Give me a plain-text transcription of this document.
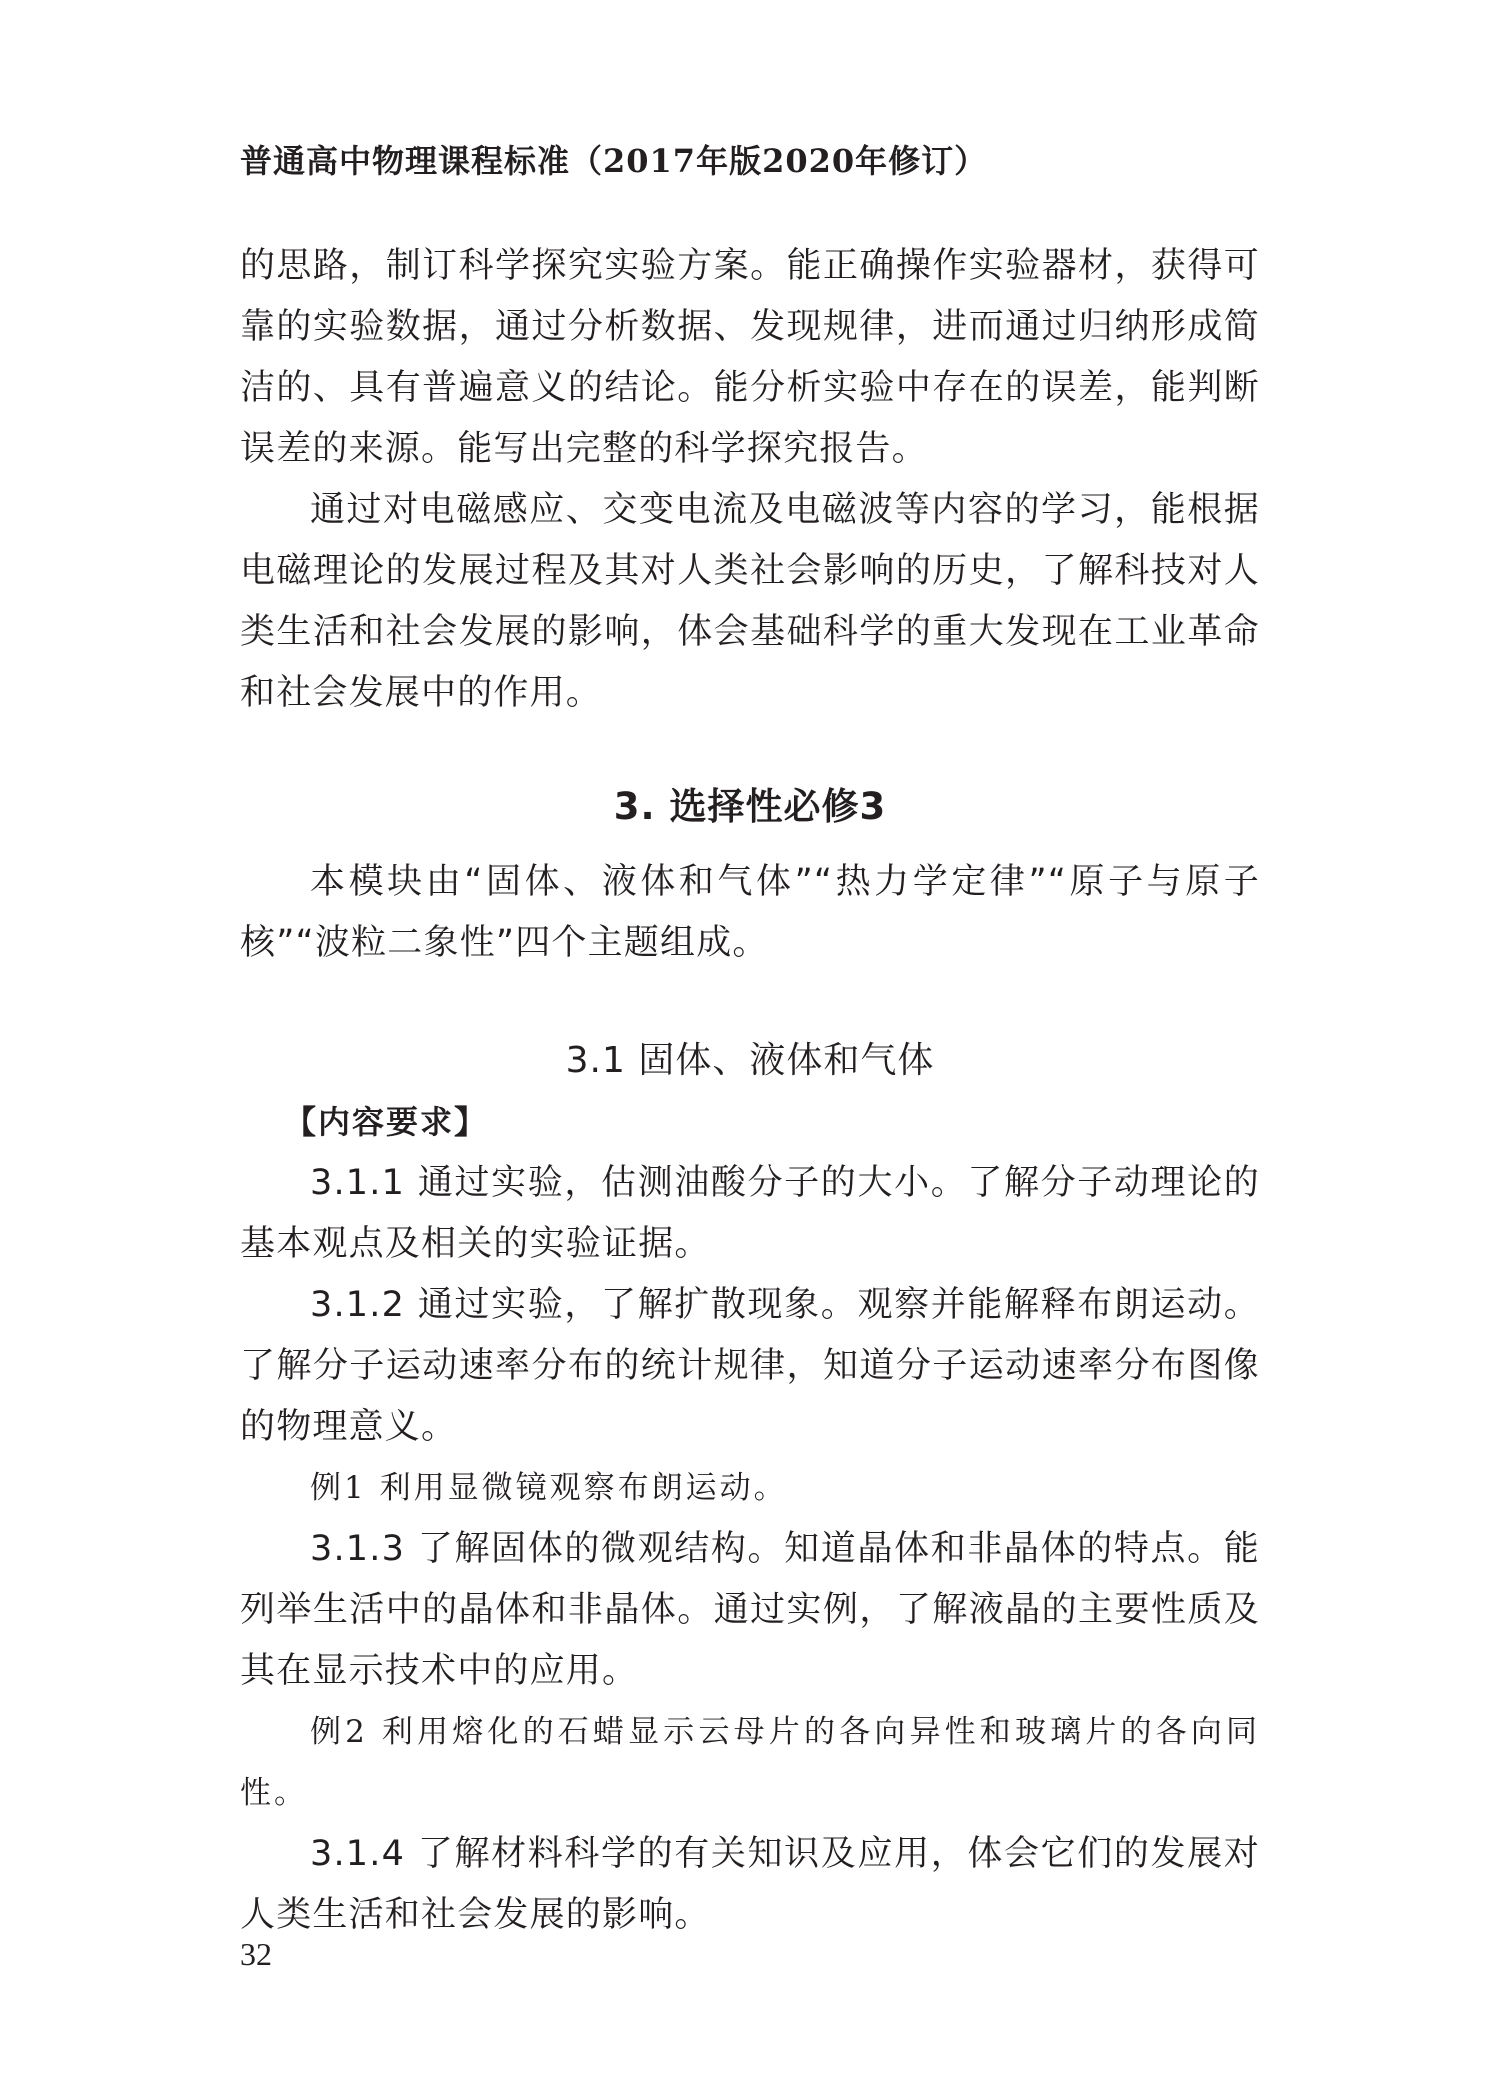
普通高中物理课程标准（2017年版2020年修订）

的思路，制订科学探究实验方案。能正确操作实验器材，获得可靠的实验数据，通过分析数据、发现规律，进而通过归纳形成简洁的、具有普遍意义的结论。能分析实验中存在的误差，能判断误差的来源。能写出完整的科学探究报告。

通过对电磁感应、交变电流及电磁波等内容的学习，能根据电磁理论的发展过程及其对人类社会影响的历史，了解科技对人类生活和社会发展的影响，体会基础科学的重大发现在工业革命和社会发展中的作用。

3. 选择性必修3

本模块由“固体、液体和气体”“热力学定律”“原子与原子核”“波粒二象性”四个主题组成。

3.1 固体、液体和气体
【内容要求】

3.1.1 通过实验，估测油酸分子的大小。了解分子动理论的基本观点及相关的实验证据。

3.1.2 通过实验，了解扩散现象。观察并能解释布朗运动。了解分子运动速率分布的统计规律，知道分子运动速率分布图像的物理意义。

例1 利用显微镜观察布朗运动。

3.1.3 了解固体的微观结构。知道晶体和非晶体的特点。能列举生活中的晶体和非晶体。通过实例，了解液晶的主要性质及其在显示技术中的应用。

例2 利用熔化的石蜡显示云母片的各向异性和玻璃片的各向同性。

3.1.4 了解材料科学的有关知识及应用，体会它们的发展对人类生活和社会发展的影响。

32
